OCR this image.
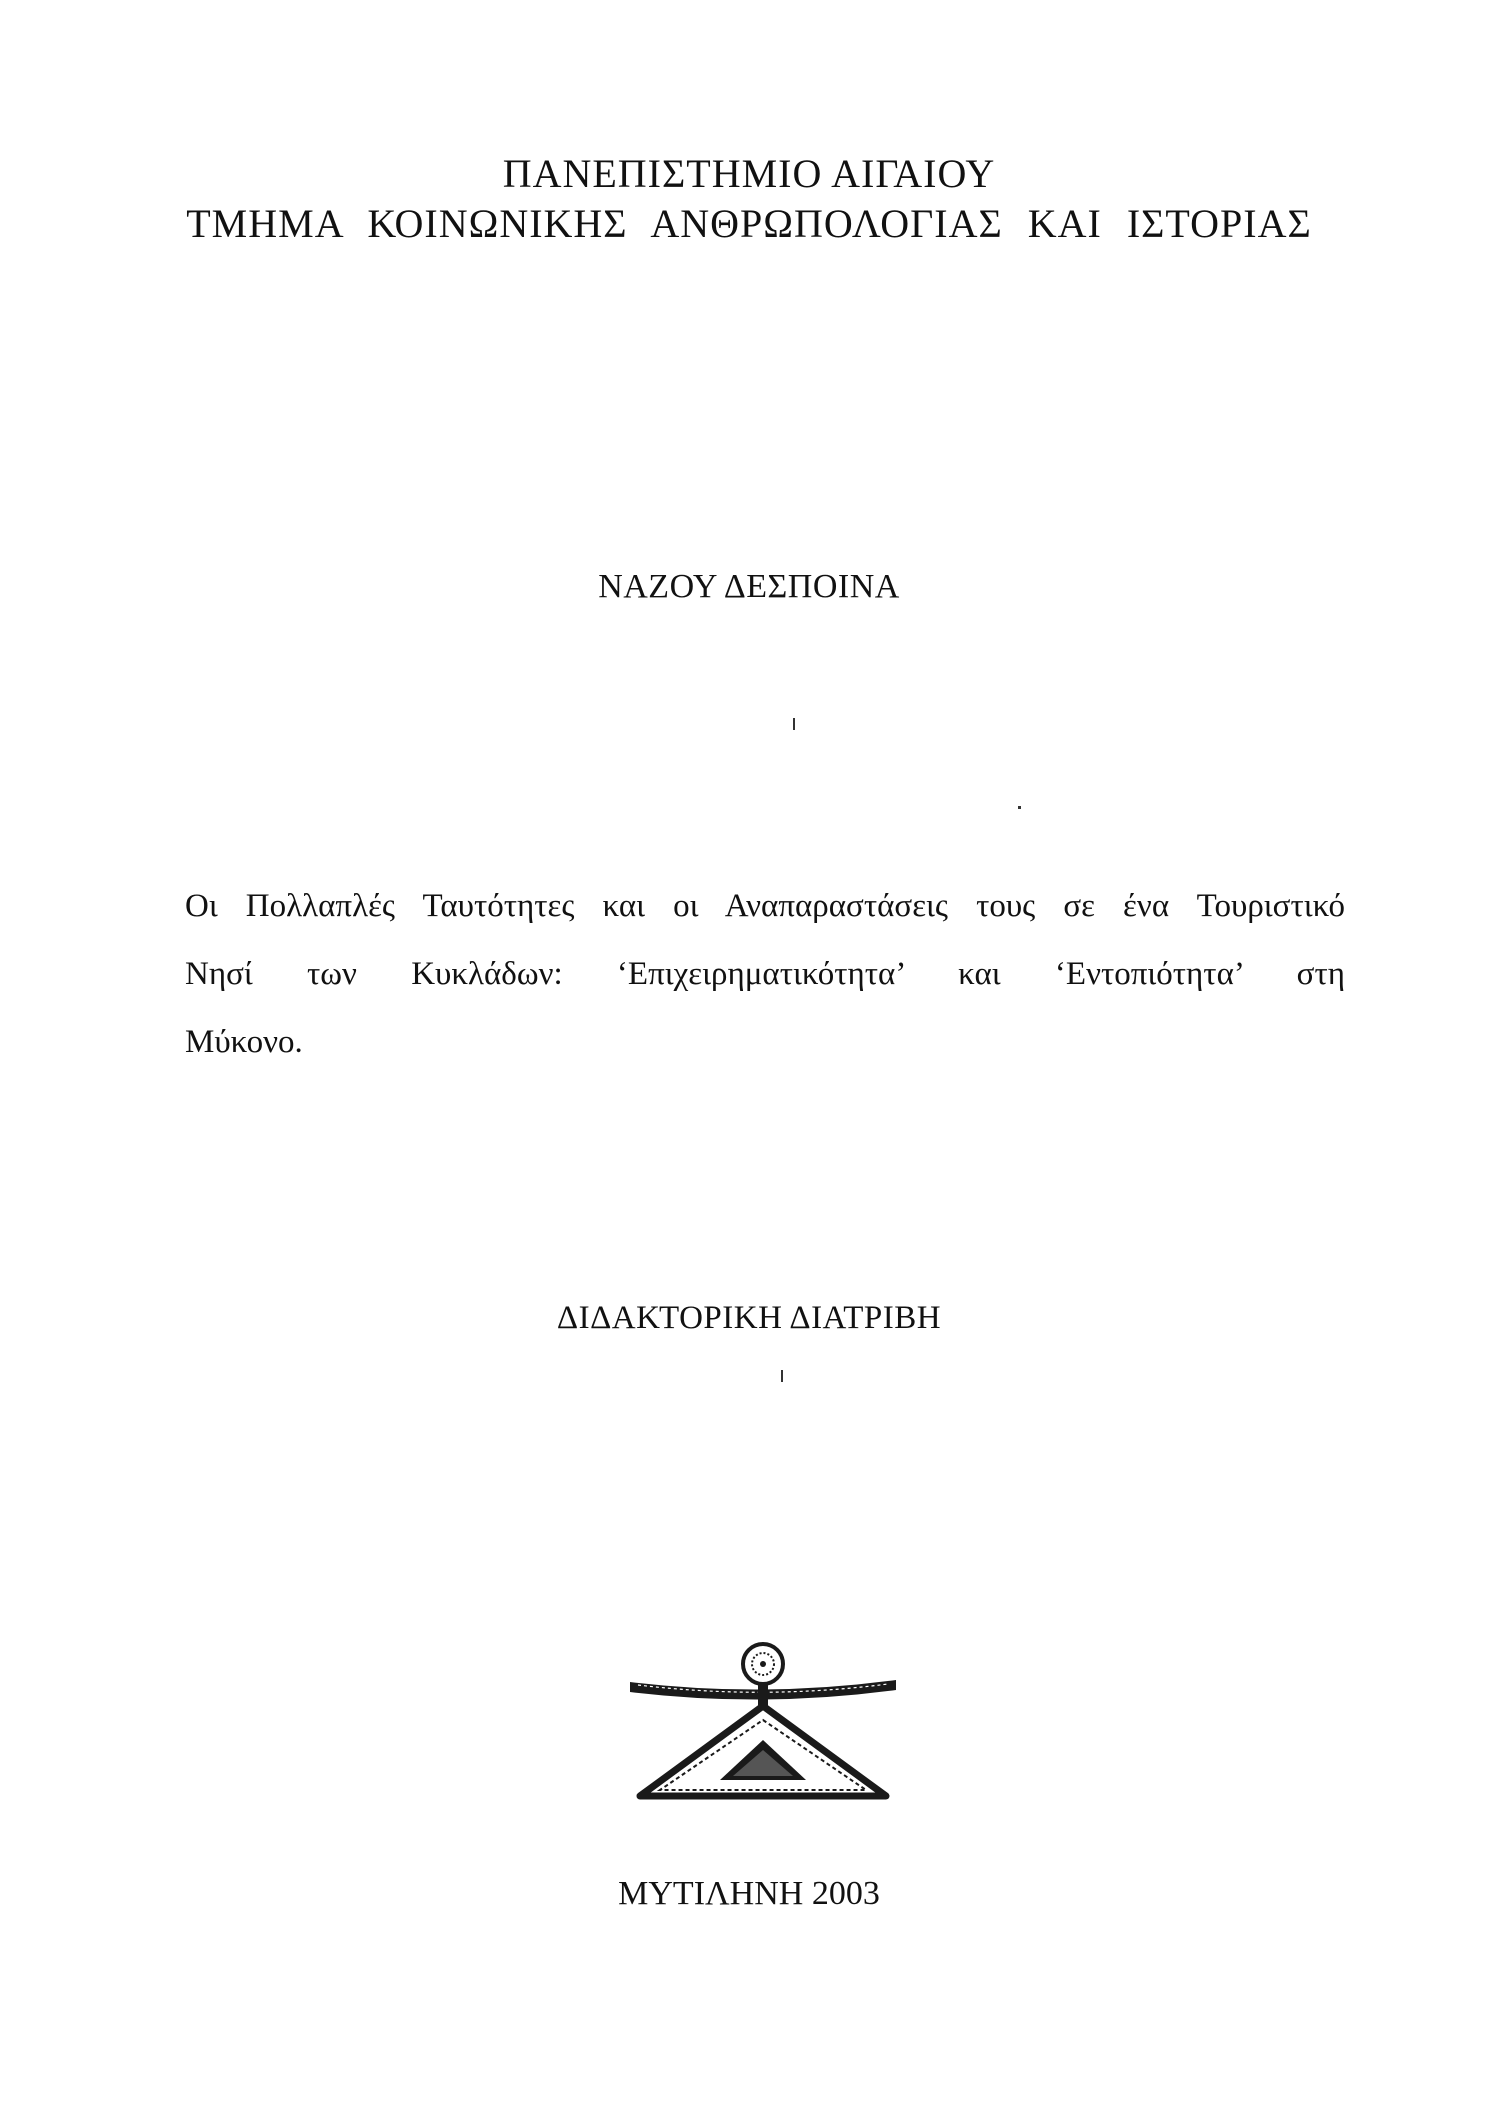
ΠΑΝΕΠΙΣΤΗΜΙΟ ΑΙΓΑΙΟΥ
ΤΜΗΜΑ ΚΟΙΝΩΝΙΚΗΣ ΑΝΘΡΩΠΟΛΟΓΙΑΣ ΚΑΙ ΙΣΤΟΡΙΑΣ
ΝΑΖΟΥ ΔΕΣΠΟΙΝΑ
Οι Πολλαπλές Ταυτότητες και οι Αναπαραστάσεις τους σε ένα Τουριστικό
Νησί των Κυκλάδων: ‘Επιχειρηματικότητα’ και ‘Εντοπιότητα’ στη
Μύκονο.
ΔΙΔΑΚΤΟΡΙΚΗ ΔΙΑΤΡΙΒΗ
ΜΥΤΙΛΗΝΗ 2003
